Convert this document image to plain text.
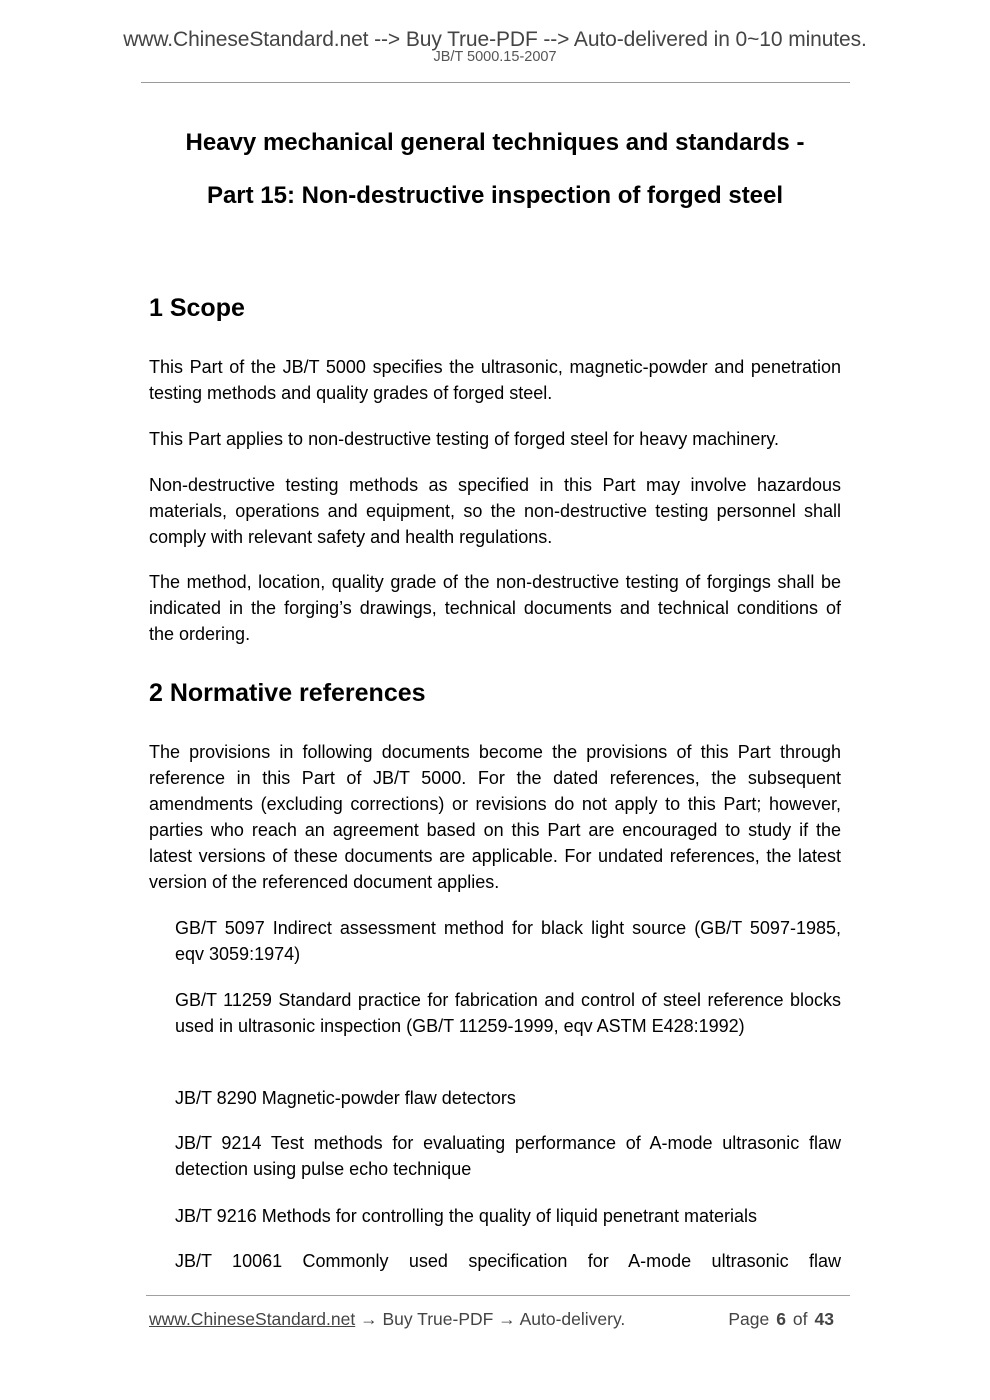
www.ChineseStandard.net --> Buy True-PDF --> Auto-delivered in 0~10 minutes.
JB/T 5000.15-2007
Heavy mechanical general techniques and standards -
Part 15: Non-destructive inspection of forged steel
1 Scope

This Part of the JB/T 5000 specifies the ultrasonic, magnetic-powder and penetration testing methods and quality grades of forged steel.

This Part applies to non-destructive testing of forged steel for heavy machinery.

Non-destructive testing methods as specified in this Part may involve hazardous materials, operations and equipment, so the non-destructive testing personnel shall comply with relevant safety and health regulations.

The method, location, quality grade of the non-destructive testing of forgings shall be indicated in the forging’s drawings, technical documents and technical conditions of the ordering.

2 Normative references

The provisions in following documents become the provisions of this Part through reference in this Part of JB/T 5000. For the dated references, the subsequent amendments (excluding corrections) or revisions do not apply to this Part; however, parties who reach an agreement based on this Part are encouraged to study if the latest versions of these documents are applicable. For undated references, the latest version of the referenced document applies.

GB/T 5097 Indirect assessment method for black light source (GB/T 5097-1985, eqv 3059:1974)

GB/T 11259 Standard practice for fabrication and control of steel reference blocks used in ultrasonic inspection (GB/T 11259-1999, eqv ASTM E428:1992)

JB/T 8290 Magnetic-powder flaw detectors

JB/T 9214 Test methods for evaluating performance of A-mode ultrasonic flaw detection using pulse echo technique

JB/T 9216 Methods for controlling the quality of liquid penetrant materials

JB/T 10061 Commonly used specification for A-mode ultrasonic flaw

www.ChineseStandard.net → Buy True-PDF → Auto-delivery.	Page 6 of 43
